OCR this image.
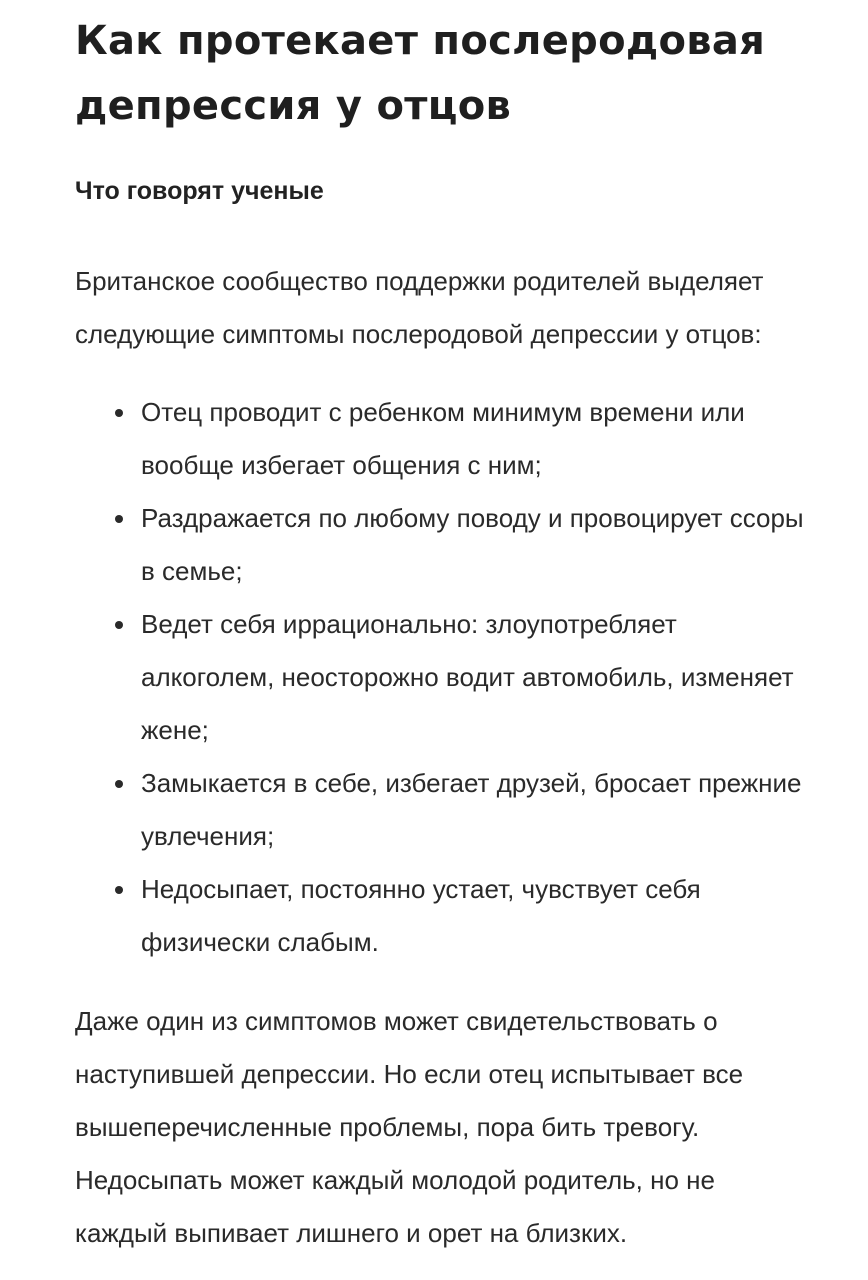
Как протекает послеродовая
депрессия у отцов
Что говорят ученые

Британское сообщество поддержки родителей выделяет
следующие симптомы послеродовой депрессии у отцов:

Отец проводит с ребенком минимум времени или
вообще избегает общения с ним;
Раздражается по любому поводу и провоцирует ссоры
в семье;
Ведет себя иррационально: злоупотребляет
алкоголем, неосторожно водит автомобиль, изменяет
жене;
Замыкается в себе, избегает друзей, бросает прежние
увлечения;
Недосыпает, постоянно устает, чувствует себя
физически слабым.

Даже один из симптомов может свидетельствовать о
наступившей депрессии. Но если отец испытывает все
вышеперечисленные проблемы, пора бить тревогу.
Недосыпать может каждый молодой родитель, но не
каждый выпивает лишнего и орет на близких.
